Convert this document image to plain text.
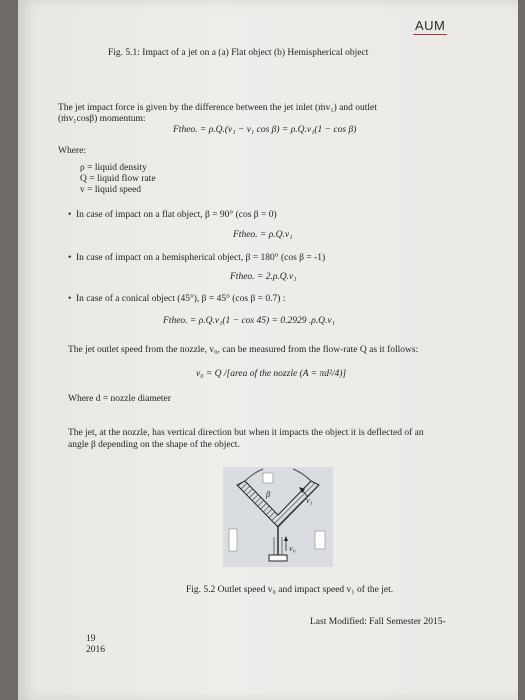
AUM
Fig. 5.1: Impact of a jet on a (a) Flat object (b) Hemispherical object
The jet impact force is given by the difference between the jet inlet (ṁv₁) and outlet
(ṁv₁cosβ) momentum:
Ftheo. = ρ.Q.(v₁ − v₁ cos β) = ρ.Q.v₁(1 − cos β)
Where:
ρ = liquid density
Q = liquid flow rate
v = liquid speed
• In case of impact on a flat object, β = 90° (cos β = 0)
Ftheo. = ρ.Q.v₁
• In case of impact on a hemispherical object, β = 180° (cos β = -1)
Ftheo. = 2.ρ.Q.v₁
• In case of a conical object (45°), β = 45° (cos β = 0.7) :
Ftheo. = ρ.Q.v₁(1 − cos 45) = 0.2929 .ρ.Q.v₁
The jet outlet speed from the nozzle, v₀, can be measured from the flow-rate Q as it follows:
v₀ = Q /[area of the nozzle (A = πd²/4)]
Where d = nozzle diameter
The jet, at the nozzle, has vertical direction but when it impacts the object it is deflected of an
angle β depending on the shape of the object.
β
v₁
v₀
Fig. 5.2 Outlet speed v₀ and impact speed v₁ of the jet.
Last Modified: Fall Semester 2015-
19
2016
